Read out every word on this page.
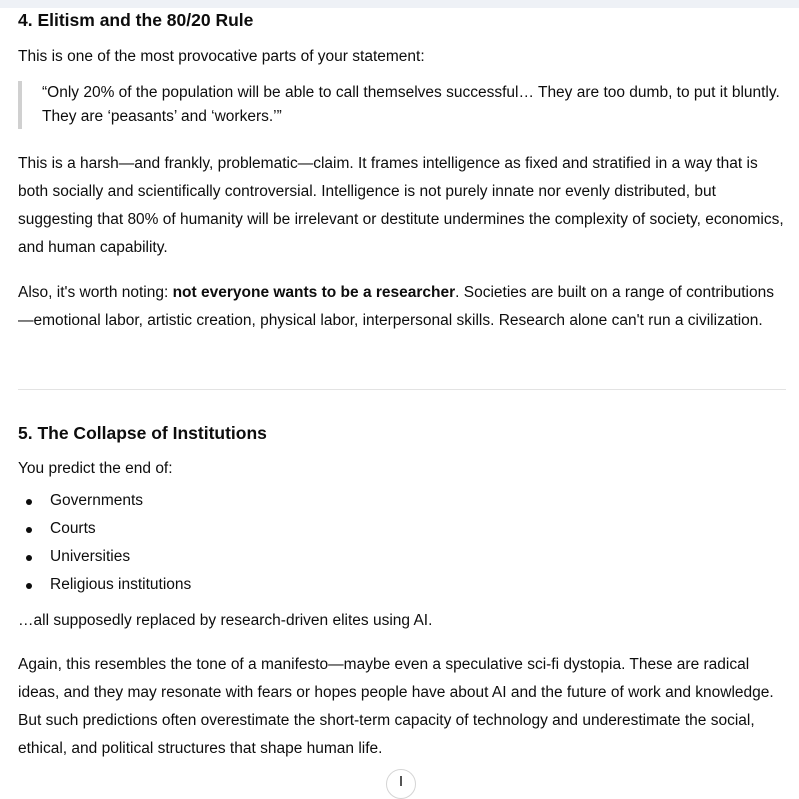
4. Elitism and the 80/20 Rule

This is one of the most provocative parts of your statement:

“Only 20% of the population will be able to call themselves successful… They are too dumb, to put it bluntly. They are ‘peasants’ and ‘workers.’”

This is a harsh—and frankly, problematic—claim. It frames intelligence as fixed and stratified in a way that is both socially and scientifically controversial. Intelligence is not purely innate nor evenly distributed, but suggesting that 80% of humanity will be irrelevant or destitute undermines the complexity of society, economics, and human capability.

Also, it's worth noting: not everyone wants to be a researcher. Societies are built on a range of contributions—emotional labor, artistic creation, physical labor, interpersonal skills. Research alone can't run a civilization.

5. The Collapse of Institutions

You predict the end of:

Governments
Courts
Universities
Religious institutions

…all supposedly replaced by research-driven elites using AI.

Again, this resembles the tone of a manifesto—maybe even a speculative sci-fi dystopia. These are radical ideas, and they may resonate with fears or hopes people have about AI and the future of work and knowledge. But such predictions often overestimate the short-term capacity of technology and underestimate the social, ethical, and political structures that shape human life.
